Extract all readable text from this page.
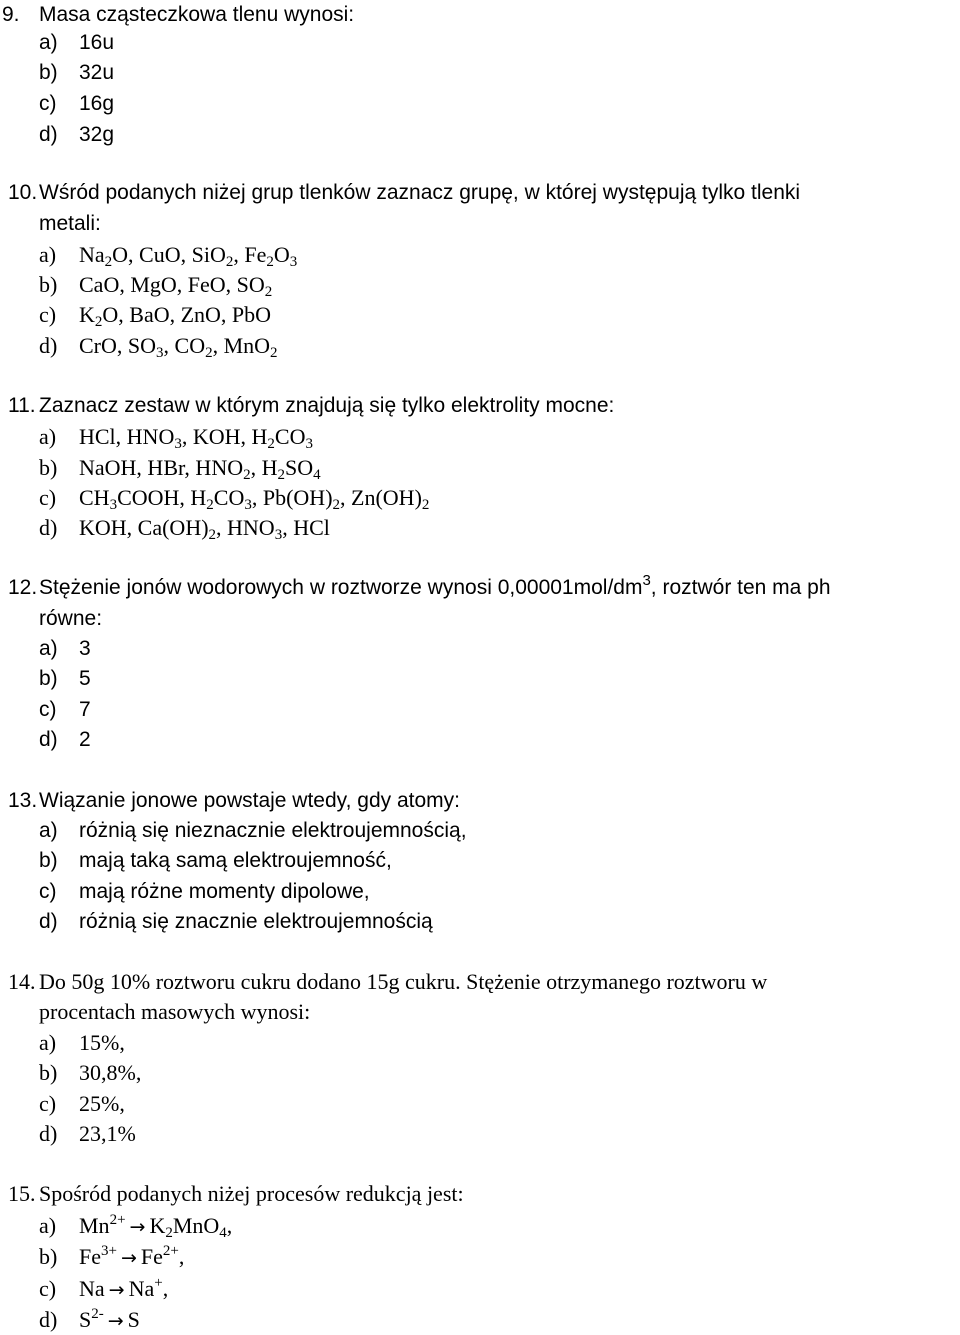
9. Masa cząsteczkowa tlenu wynosi:
a) 16u
b) 32u
c) 16g
d) 32g
10. Wśród podanych niżej grup tlenków zaznacz grupę, w której występują tylko tlenki
metali:
a) $Na_2O$, CuO, SiO$_2$, $Fe_2O_3$
b) CaO, MgO, FeO, $SO_2$
c) $K_2O$, BaO, ZnO, PbO
d) CrO, $SO_3$, $CO_2$, MnO$_2$
11. Zaznacz zestaw w którym znajdują się tylko elektrolity mocne:
a) HCl, $HNO_3$, KOH, $H_2CO_3$
b) NaOH, HBr, $HNO_2$, $H_2SO_4$
c) $CH_3COOH$, $H_2CO_3$, $Pb(OH)_2$, $Zn(OH)_2$
d) KOH, $Ca(OH)_2$, $HNO_3$, HCl
12. Stężenie jonów wodorowych w roztworze wynosi $0,00001mol/dm^3$, roztwór ten ma ph
równe:
a) 3
b) 5
c) 7
d) 2
13. Wiązanie jonowe powstaje wtedy, gdy atomy:
a) różnią się nieznacznie elektroujemnością,
b) mają taką samą elektroujemność,
c) mają różne momenty dipolowe,
d) różnią się znacznie elektroujemnością
14. Do 50g 10% roztworu cukru dodano 15g cukru. Stężenie otrzymanego roztworu w
procentach masowych wynosi:
a) 15%,
b) 30,8%,
c) 25%,
d) 23,1%
15. Spośród podanych niżej procesów redukcją jest:
a) $Mn^{2+} \to K_2MnO_4$,
b) $Fe^{3+} \to Fe^{2+}$,
c) Na → Na+,
d) $S^{2-} \to S$
